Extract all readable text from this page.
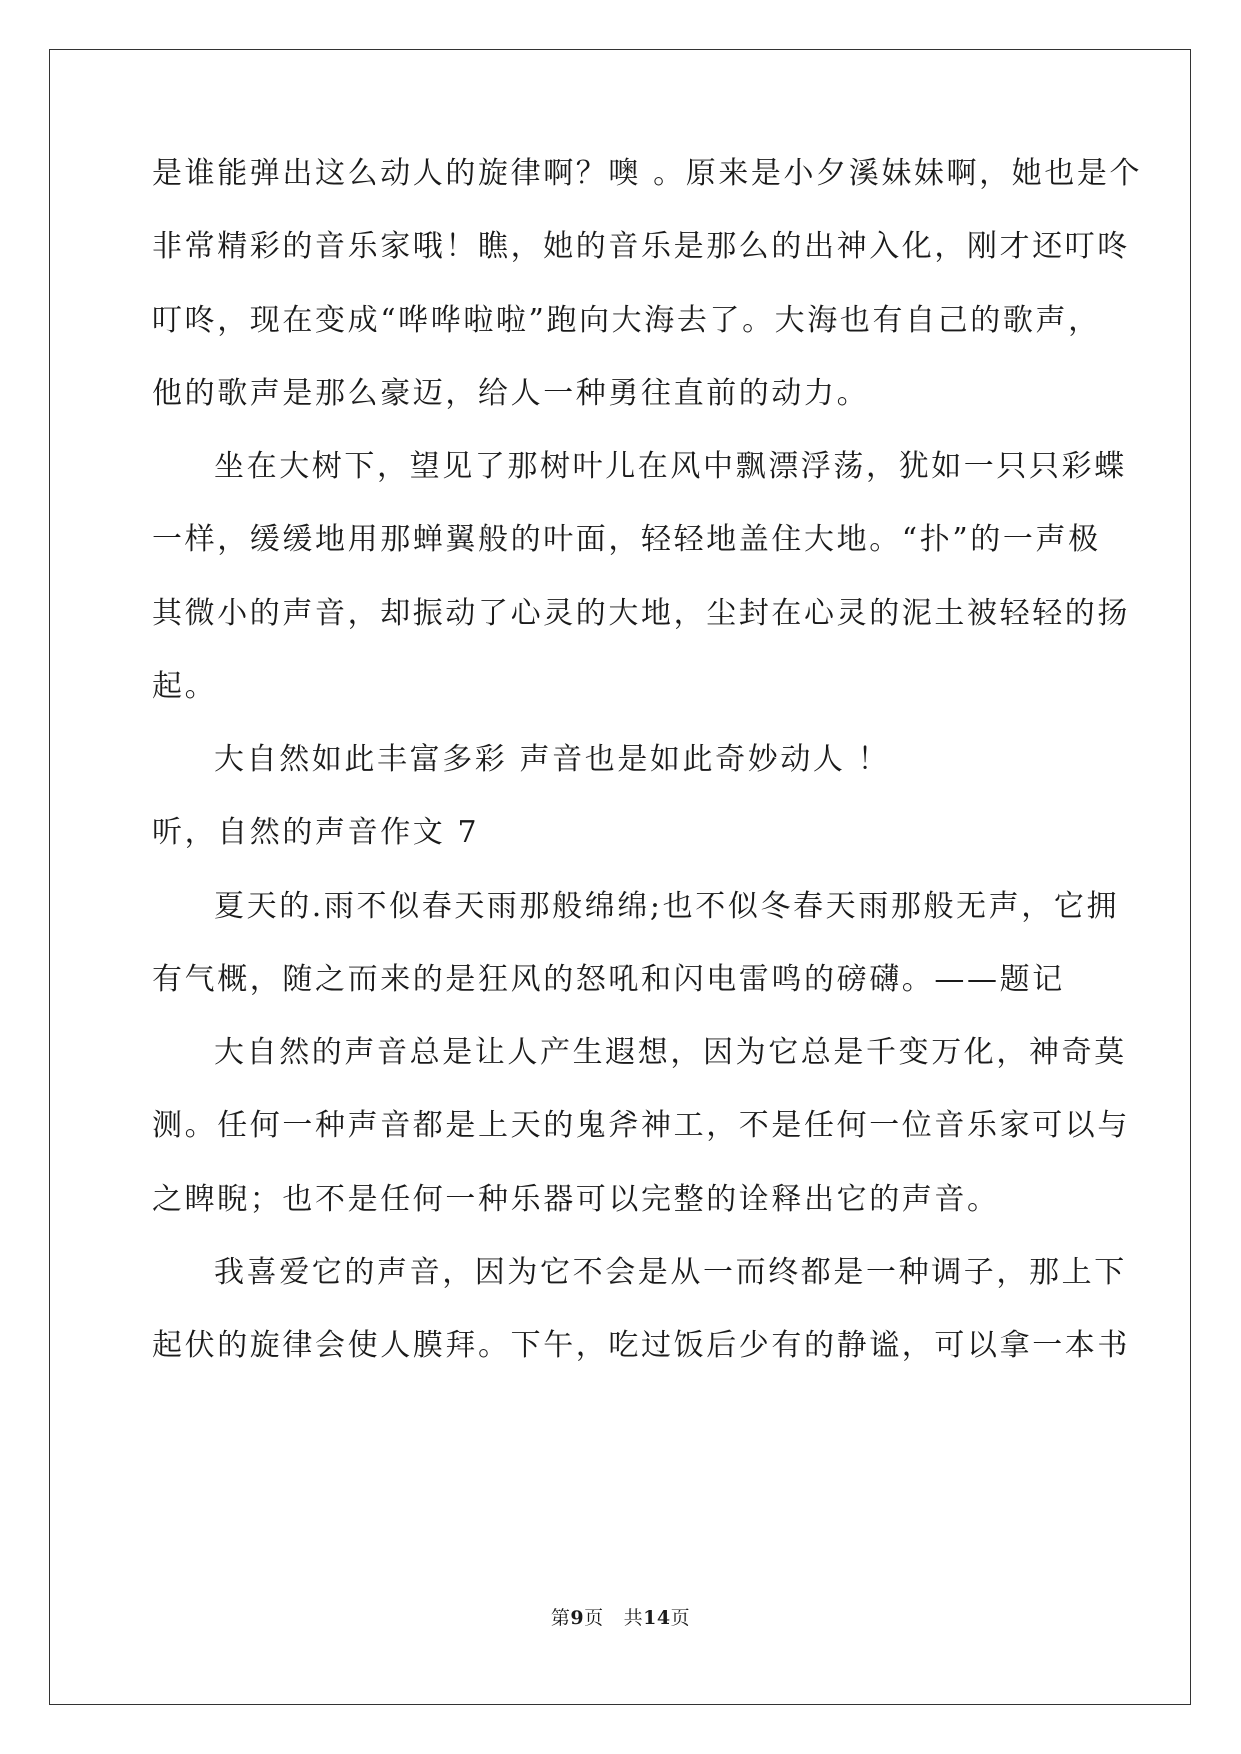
是谁能弹出这么动人的旋律啊？噢 。原来是小夕溪妹妹啊，她也是个
非常精彩的音乐家哦！瞧，她的音乐是那么的出神入化，刚才还叮咚
叮咚，现在变成“哗哗啦啦”跑向大海去了。大海也有自己的歌声，
他的歌声是那么豪迈，给人一种勇往直前的动力。
坐在大树下，望见了那树叶儿在风中飘漂浮荡，犹如一只只彩蝶
一样，缓缓地用那蝉翼般的叶面，轻轻地盖住大地。“扑”的一声极
其微小的声音，却振动了心灵的大地，尘封在心灵的泥土被轻轻的扬
起。
大自然如此丰富多彩 声音也是如此奇妙动人 ！
听，自然的声音作文 7
夏天的.雨不似春天雨那般绵绵;也不似冬春天雨那般无声，它拥
有气概，随之而来的是狂风的怒吼和闪电雷鸣的磅礴。——题记
大自然的声音总是让人产生遐想，因为它总是千变万化，神奇莫
测。任何一种声音都是上天的鬼斧神工，不是任何一位音乐家可以与
之睥睨；也不是任何一种乐器可以完整的诠释出它的声音。
我喜爱它的声音，因为它不会是从一而终都是一种调子，那上下
起伏的旋律会使人膜拜。下午，吃过饭后少有的静谧，可以拿一本书
第9页 共14页
